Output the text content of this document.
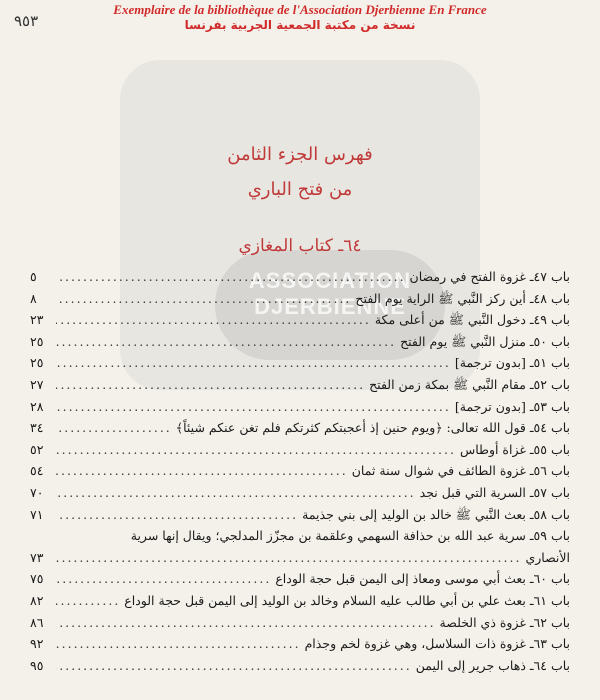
ASSOCIATION DJERBIENNE
Exemplaire de la bibliothèque de l'Association Djerbienne En France
نسخة من مكتبة الجمعية الجربية بفرنسا
٩٥٣
فهرس الجزء الثامن
من فتح الباري
٦٤ـ كتاب المغازي
باب ٤٧ـ غزوة الفتح في رمضان
.....
٥
باب ٤٨ـ أين ركز النَّبي ﷺ الراية يوم الفتح
.....
٨
باب ٤٩ـ دخول النَّبي ﷺ من أعلى مكة
.....
٢٣
باب ٥٠ـ منزل النَّبي ﷺ يوم الفتح
.....
٢٥
باب ٥١ـ [بدون ترجمة]
.....
٢٥
باب ٥٢ـ مقام النَّبي ﷺ بمكة زمن الفتح
.....
٢٧
باب ٥٣ـ [بدون ترجمة]
.....
٢٨
باب ٥٤ـ قول الله تعالى: ﴿ويوم حنين إذ أعجبتكم كثرتكم فلم تغن عنكم شيئاً﴾
.....
٣٤
باب ٥٥ـ غزاة أوطاس
.....
٥٢
باب ٥٦ـ غزوة الطائف في شوال سنة ثمان
.....
٥٤
باب ٥٧ـ السرية التي قبل نجد
.....
٧٠
باب ٥٨ـ بعث النَّبي ﷺ خالد بن الوليد إلى بني جذيمة
.....
٧١
باب ٥٩ـ سرية عبد الله بن حذافة السهمي وعلقمة بن مجزّز المدلجي؛ ويقال إنها سرية
الأنصاري
.....
٧٣
باب ٦٠ـ بعث أبي موسى ومعاذ إلى اليمن قبل حجة الوداع
.....
٧٥
باب ٦١ـ بعث علي بن أبي طالب عليه السلام وخالد بن الوليد إلى اليمن قبل حجة الوداع
.....
٨٢
باب ٦٢ـ غزوة ذي الخلصة
.....
٨٦
باب ٦٣ـ غزوة ذات السلاسل، وهي غزوة لخم وجذام
.....
٩٢
باب ٦٤ـ ذهاب جرير إلى اليمن
.....
٩٥
